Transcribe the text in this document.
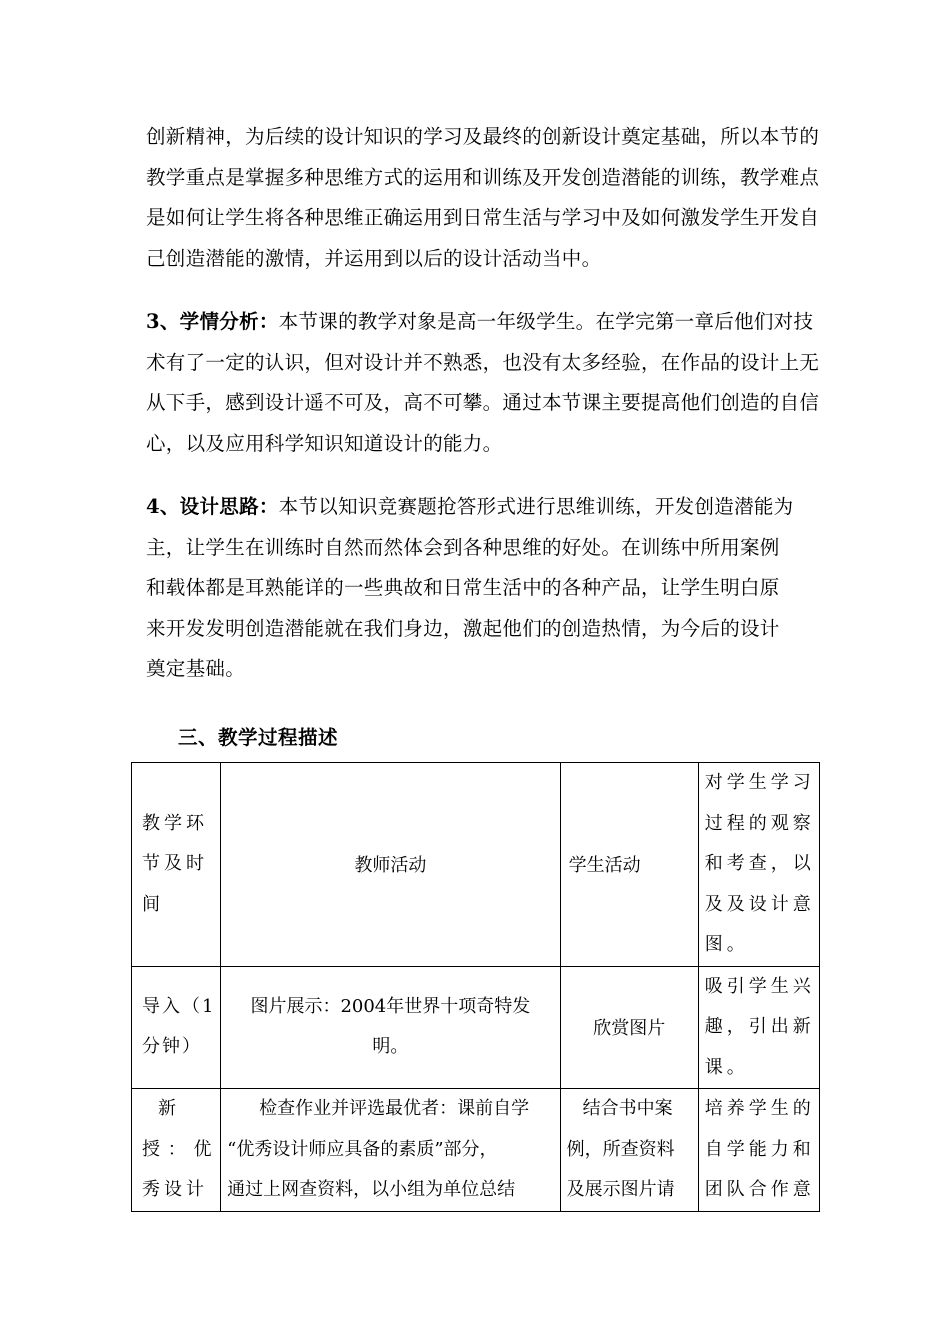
创新精神，为后续的设计知识的学习及最终的创新设计奠定基础，所以本节的
教学重点是掌握多种思维方式的运用和训练及开发创造潜能的训练，教学难点
是如何让学生将各种思维正确运用到日常生活与学习中及如何激发学生开发自
己创造潜能的激情，并运用到以后的设计活动当中。
3、学情分析：本节课的教学对象是高一年级学生。在学完第一章后他们对技
术有了一定的认识，但对设计并不熟悉，也没有太多经验，在作品的设计上无
从下手，感到设计遥不可及，高不可攀。通过本节课主要提高他们创造的自信
心，以及应用科学知识知道设计的能力。
4、设计思路：本节以知识竞赛题抢答形式进行思维训练，开发创造潜能为
主，让学生在训练时自然而然体会到各种思维的好处。在训练中所用案例
和载体都是耳熟能详的一些典故和日常生活中的各种产品，让学生明白原
来开发发明创造潜能就在我们身边，激起他们的创造热情，为今后的设计
奠定基础。

三、教学过程描述

教学环
节及时
间	教师活动	学生活动	对学生学习
过程的观察
和考查，以
及及设计意
图。

导入（1
分钟）	图片展示：2004年世界十项奇特发
明。	欣赏图片	吸引学生兴
趣，引出新
课。

新
授 ： 优
秀设计	检查作业并评选最优者：课前自学
“优秀设计师应具备的素质”部分，
通过上网查资料，以小组为单位总结	结合书中案
例，所查资料
及展示图片请	培养学生的
自学能力和
团队合作意
